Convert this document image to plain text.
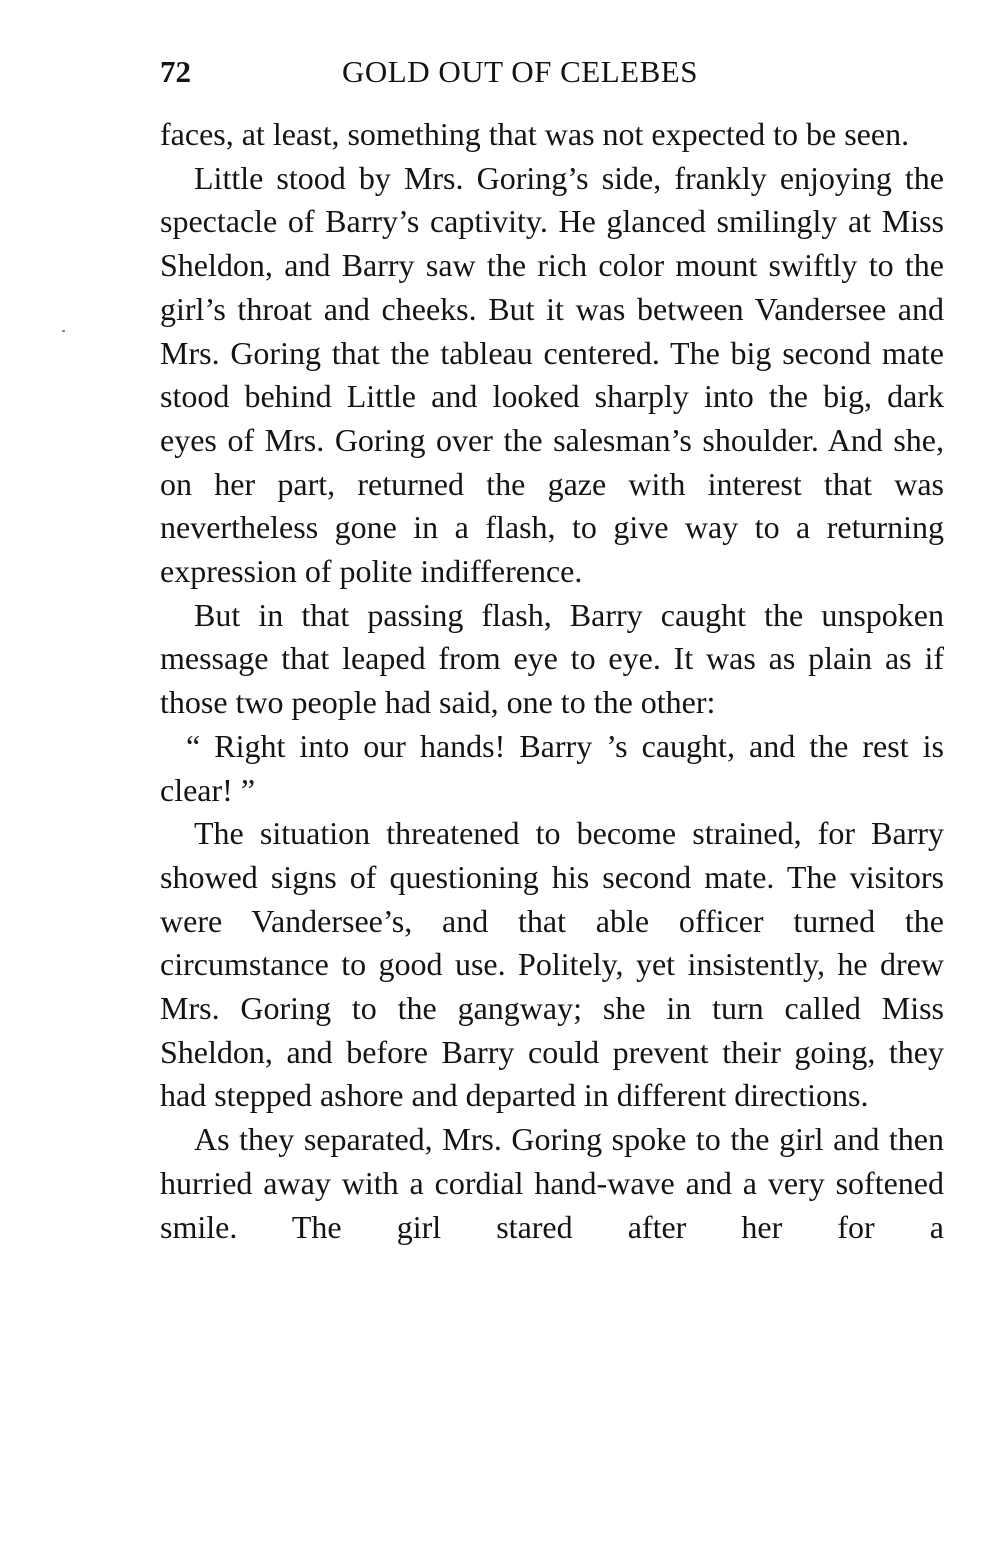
72	GOLD OUT OF CELEBES

faces, at least, something that was not expected to be seen.

Little stood by Mrs. Goring’s side, frankly enjoying the spectacle of Barry’s captivity. He glanced smilingly at Miss Sheldon, and Barry saw the rich color mount swiftly to the girl’s throat and cheeks. But it was between Vandersee and Mrs. Goring that the tableau centered. The big second mate stood behind Little and looked sharply into the big, dark eyes of Mrs. Goring over the salesman’s shoulder. And she, on her part, returned the gaze with interest that was nevertheless gone in a flash, to give way to a returning expression of polite indifference.

But in that passing flash, Barry caught the unspoken message that leaped from eye to eye. It was as plain as if those two people had said, one to the other:

“ Right into our hands! Barry ’s caught, and the rest is clear! ”

The situation threatened to become strained, for Barry showed signs of questioning his second mate. The visitors were Vandersee’s, and that able officer turned the circumstance to good use. Politely, yet insistently, he drew Mrs. Goring to the gangway; she in turn called Miss Sheldon, and before Barry could prevent their going, they had stepped ashore and departed in different directions.

As they separated, Mrs. Goring spoke to the girl and then hurried away with a cordial hand-wave and a very softened smile. The girl stared after her for a
